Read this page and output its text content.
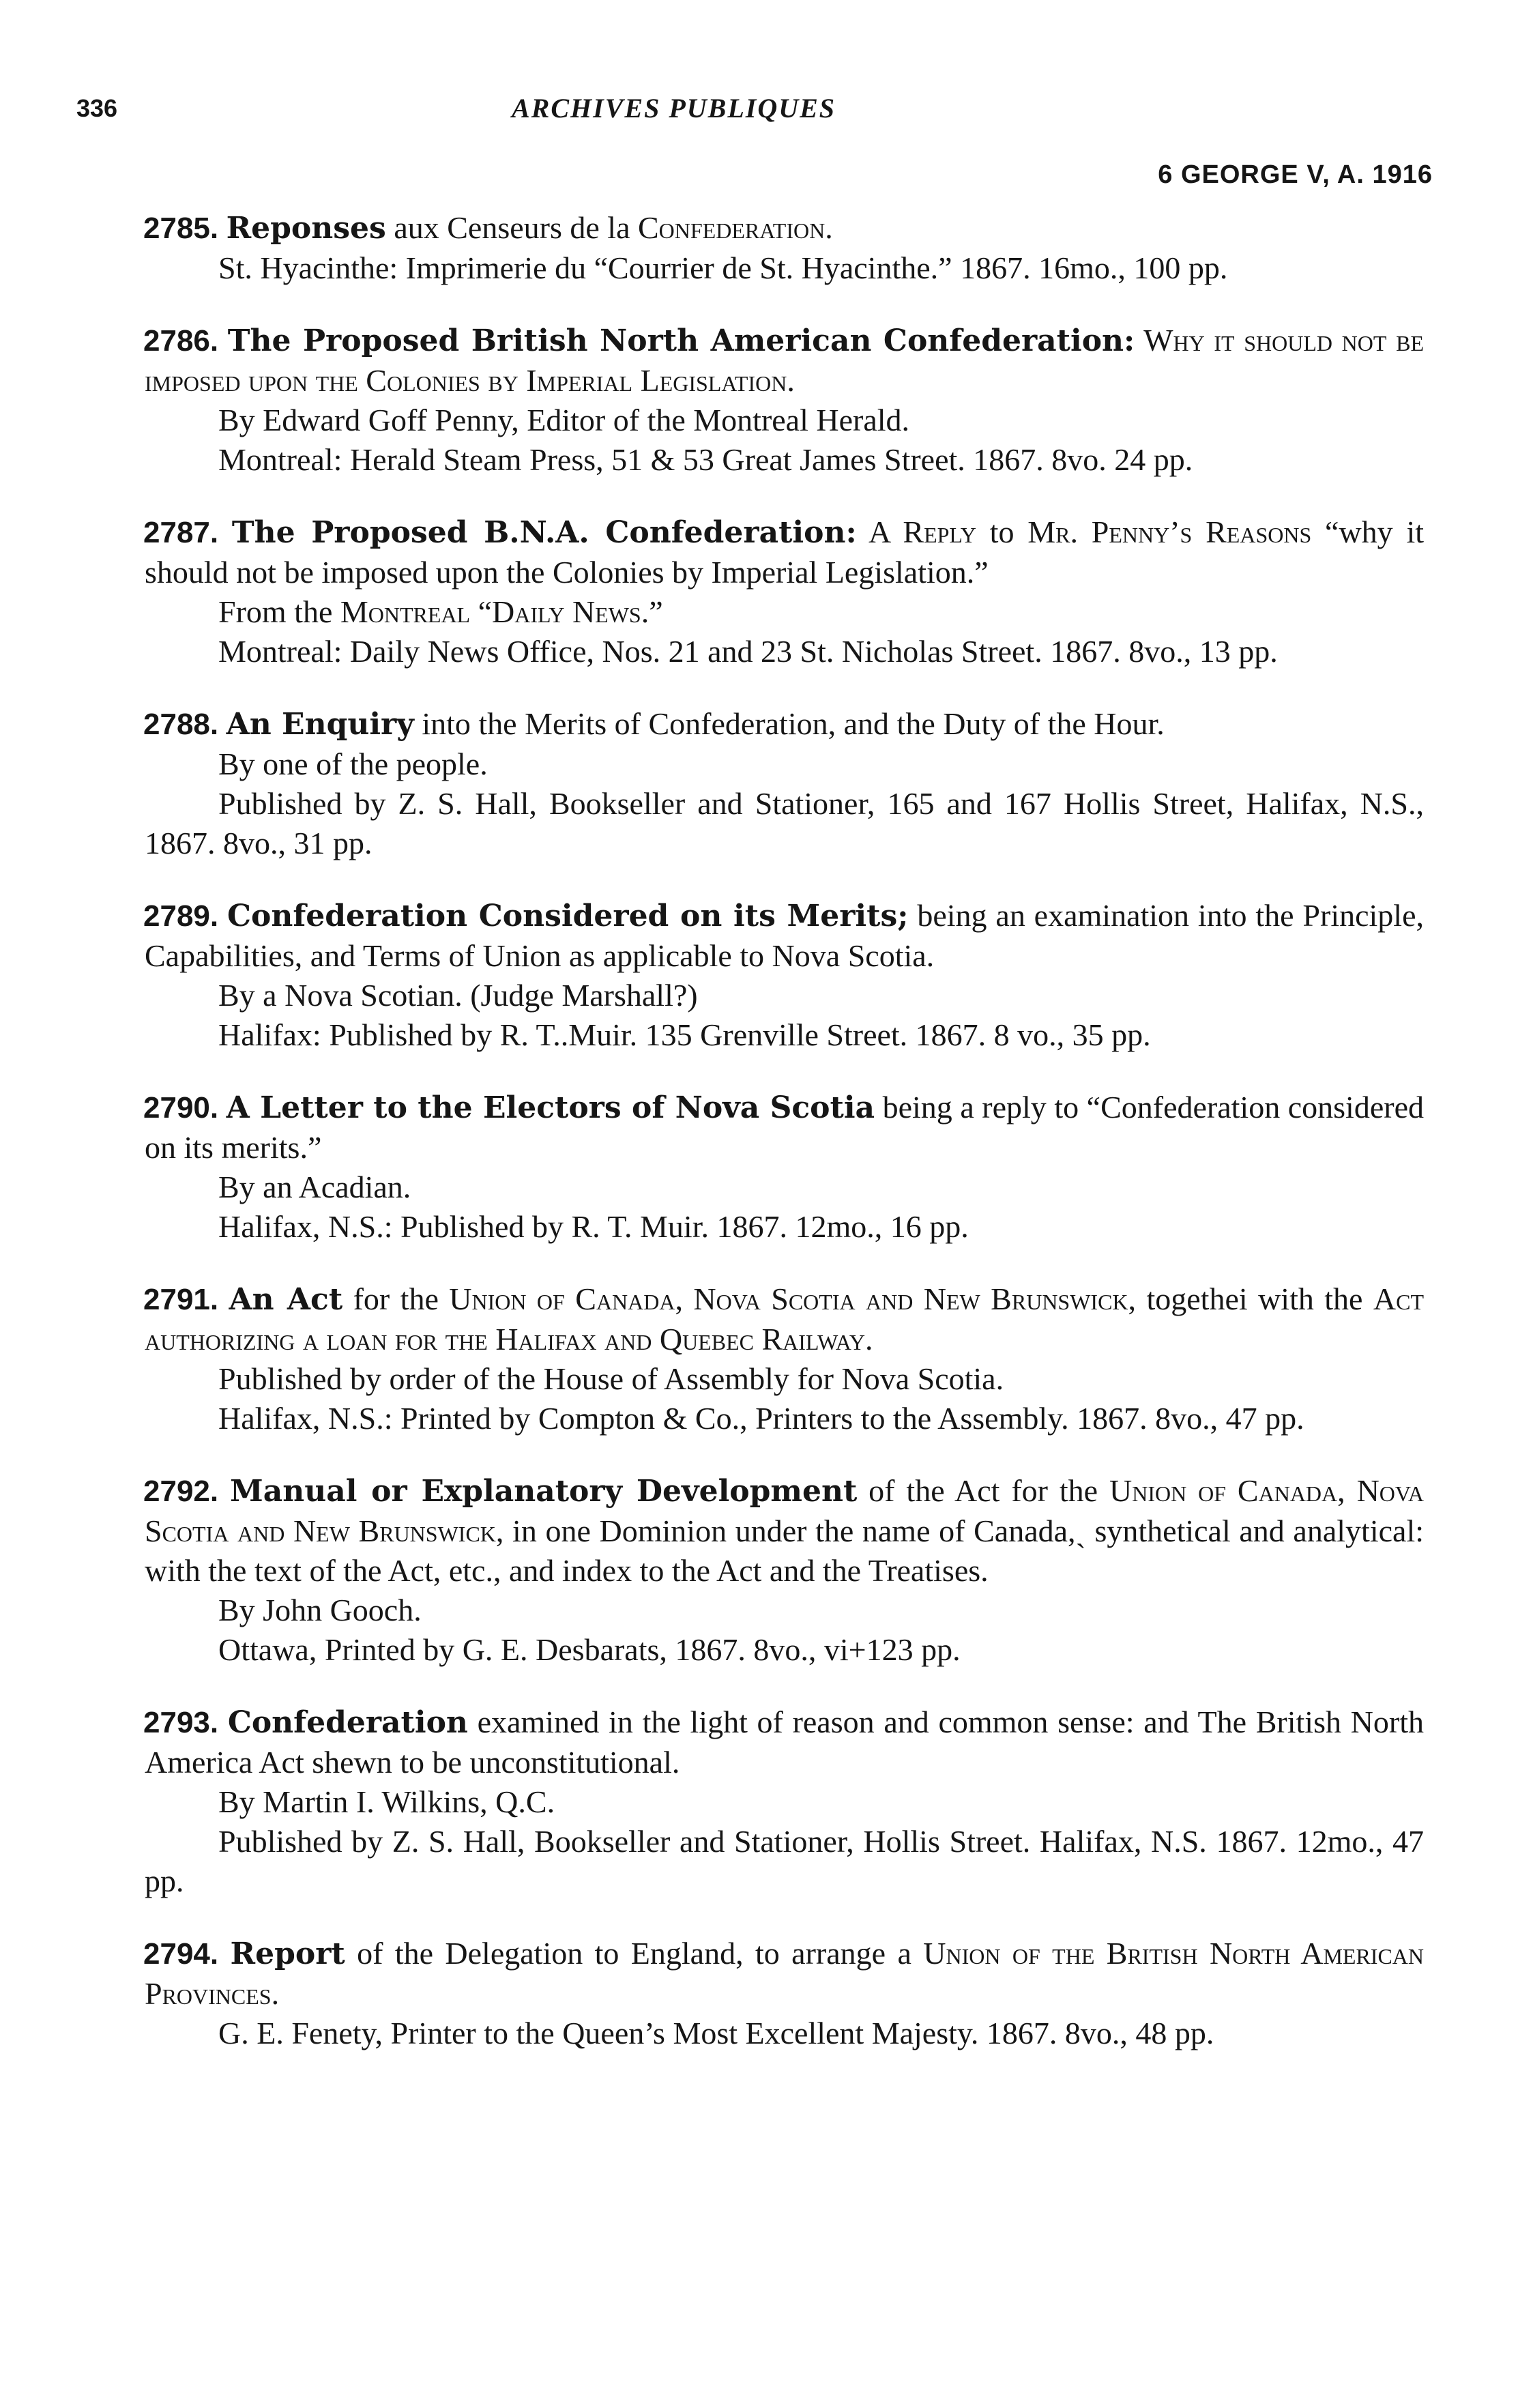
336	ARCHIVES PUBLIQUES
6 GEORGE V, A. 1916

2785. Reponses aux Censeurs de la Confederation.

St. Hyacinthe: Imprimerie du “Courrier de St. Hyacinthe.” 1867. 16mo., 100 pp.

2786. The Proposed British North American Confederation: Why it should not be imposed upon the Colonies by Imperial Legislation.

By Edward Goff Penny, Editor of the Montreal Herald.

Montreal: Herald Steam Press, 51 & 53 Great James Street. 1867. 8vo. 24 pp.

2787. The Proposed B.N.A. Confederation: A Reply to Mr. Penny’s Reasons “why it should not be imposed upon the Colonies by Imperial Legislation.”

From the Montreal “Daily News.”

Montreal: Daily News Office, Nos. 21 and 23 St. Nicholas Street. 1867. 8vo., 13 pp.

2788. An Enquiry into the Merits of Confederation, and the Duty of the Hour.

By one of the people.

Published by Z. S. Hall, Bookseller and Stationer, 165 and 167 Hollis Street, Halifax, N.S., 1867. 8vo., 31 pp.

2789. Confederation Considered on its Merits; being an examination into the Principle, Capabilities, and Terms of Union as applicable to Nova Scotia.

By a Nova Scotian. (Judge Marshall?)

Halifax: Published by R. T..Muir. 135 Grenville Street. 1867. 8 vo., 35 pp.

2790. A Letter to the Electors of Nova Scotia being a reply to “Confederation considered on its merits.”

By an Acadian.

Halifax, N.S.: Published by R. T. Muir. 1867. 12mo., 16 pp.

2791. An Act for the Union of Canada, Nova Scotia and New Brunswick, togethei with the Act authorizing a loan for the Halifax and Quebec Railway.

Published by order of the House of Assembly for Nova Scotia.

Halifax, N.S.: Printed by Compton & Co., Printers to the Assembly. 1867. 8vo., 47 pp.

2792. Manual or Explanatory Development of the Act for the Union of Canada, Nova Scotia and New Brunswick, in one Dominion under the name of Canada,ˏ synthetical and analytical: with the text of the Act, etc., and index to the Act and the Treatises.

By John Gooch.

Ottawa, Printed by G. E. Desbarats, 1867. 8vo., vi+123 pp.

2793. Confederation examined in the light of reason and common sense: and The British North America Act shewn to be unconstitutional.

By Martin I. Wilkins, Q.C.

Published by Z. S. Hall, Bookseller and Stationer, Hollis Street. Halifax, N.S. 1867. 12mo., 47 pp.

2794. Report of the Delegation to England, to arrange a Union of the British North American Provinces.

G. E. Fenety, Printer to the Queen’s Most Excellent Majesty. 1867. 8vo., 48 pp.
